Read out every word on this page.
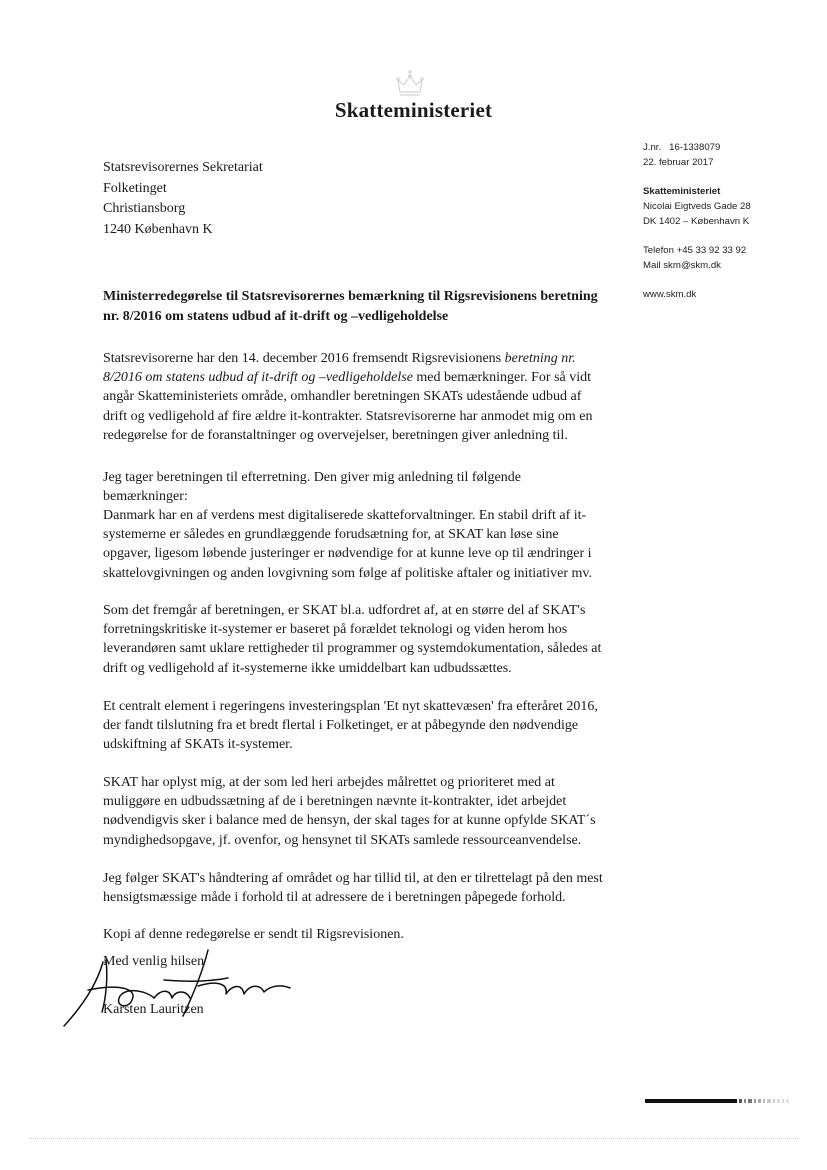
Skatteministeriet
J.nr. 16-1338079
22. februar 2017
Skatteministeriet
Nicolai Eigtveds Gade 28
DK 1402 – København K
Telefon +45 33 92 33 92
Mail skm@skm.dk
www.skm.dk
Statsrevisorernes Sekretariat
Folketinget
Christiansborg
1240 København K
Ministerredegørelse til Statsrevisorernes bemærkning til Rigsrevisionens beretning nr. 8/2016 om statens udbud af it-drift og –vedligeholdelse

Statsrevisorerne har den 14. december 2016 fremsendt Rigsrevisionens beretning nr. 8/2016 om statens udbud af it-drift og –vedligeholdelse med bemærkninger. For så vidt angår Skatteministeriets område, omhandler beretningen SKATs udestående udbud af drift og vedligehold af fire ældre it-kontrakter. Statsrevisorerne har anmodet mig om en redegørelse for de foranstaltninger og overvejelser, beretningen giver anledning til.

Jeg tager beretningen til efterretning. Den giver mig anledning til følgende bemærkninger:

Danmark har en af verdens mest digitaliserede skatteforvaltninger. En stabil drift af it-systemerne er således en grundlæggende forudsætning for, at SKAT kan løse sine opgaver, ligesom løbende justeringer er nødvendige for at kunne leve op til ændringer i skattelovgivningen og anden lovgivning som følge af politiske aftaler og initiativer mv.

Som det fremgår af beretningen, er SKAT bl.a. udfordret af, at en større del af SKAT's forretningskritiske it-systemer er baseret på forældet teknologi og viden herom hos leverandøren samt uklare rettigheder til programmer og systemdokumentation, således at drift og vedligehold af it-systemerne ikke umiddelbart kan udbudssættes.

Et centralt element i regeringens investeringsplan 'Et nyt skattevæsen' fra efteråret 2016, der fandt tilslutning fra et bredt flertal i Folketinget, er at påbegynde den nødvendige udskiftning af SKATs it-systemer.

SKAT har oplyst mig, at der som led heri arbejdes målrettet og prioriteret med at muliggøre en udbudssætning af de i beretningen nævnte it-kontrakter, idet arbejdet nødvendigvis sker i balance med de hensyn, der skal tages for at kunne opfylde SKAT´s myndighedsopgave, jf. ovenfor, og hensynet til SKATs samlede ressourceanvendelse.

Jeg følger SKAT's håndtering af området og har tillid til, at den er tilrettelagt på den mest hensigtsmæssige måde i forhold til at adressere de i beretningen påpegede forhold.

Kopi af denne redegørelse er sendt til Rigsrevisionen.

Med venlig hilsen
Karsten Lauritzen
